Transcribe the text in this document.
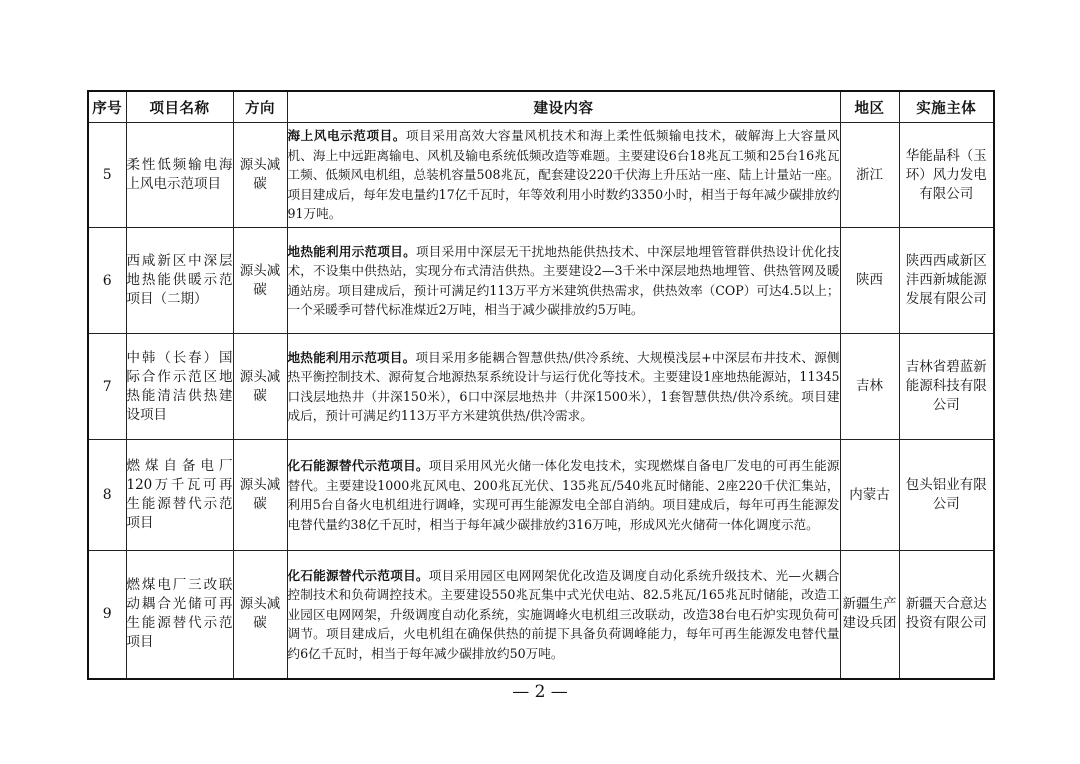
序号	项目名称	方向	建设内容	地区	实施主体
5	柔性低频输电海上风电示范项目	源头减碳	海上风电示范项目。项目采用高效大容量风机技术和海上柔性低频输电技术，破解海上大容量风机、海上中远距离输电、风机及输电系统低频改造等难题。主要建设6台18兆瓦工频和25台16兆瓦工频、低频风电机组，总装机容量508兆瓦，配套建设220千伏海上升压站一座、陆上计量站一座。项目建成后，每年发电量约17亿千瓦时，年等效利用小时数约3350小时，相当于每年减少碳排放约91万吨。	浙江	华能晶科（玉环）风力发电有限公司
6	西咸新区中深层地热能供暖示范项目（二期）	源头减碳	地热能利用示范项目。项目采用中深层无干扰地热能供热技术、中深层地埋管管群供热设计优化技术，不设集中供热站，实现分布式清洁供热。主要建设2—3千米中深层地热地埋管、供热管网及暖通站房。项目建成后，预计可满足约113万平方米建筑供热需求，供热效率（COP）可达4.5以上；一个采暖季可替代标准煤近2万吨，相当于减少碳排放约5万吨。	陕西	陕西西咸新区沣西新城能源发展有限公司
7	中韩（长春）国际合作示范区地热能清洁供热建设项目	源头减碳	地热能利用示范项目。项目采用多能耦合智慧供热/供冷系统、大规模浅层+中深层布井技术、源侧热平衡控制技术、源荷复合地源热泵系统设计与运行优化等技术。主要建设1座地热能源站，11345口浅层地热井（井深150米），6口中深层地热井（井深1500米），1套智慧供热/供冷系统。项目建成后，预计可满足约113万平方米建筑供热/供冷需求。	吉林	吉林省碧蓝新能源科技有限公司
8	燃煤自备电厂120万千瓦可再生能源替代示范项目	源头减碳	化石能源替代示范项目。项目采用风光火储一体化发电技术，实现燃煤自备电厂发电的可再生能源替代。主要建设1000兆瓦风电、200兆瓦光伏、135兆瓦/540兆瓦时储能、2座220千伏汇集站，利用5台自备火电机组进行调峰，实现可再生能源发电全部自消纳。项目建成后，每年可再生能源发电替代量约38亿千瓦时，相当于每年减少碳排放约316万吨，形成风光火储荷一体化调度示范。	内蒙古	包头铝业有限公司
9	燃煤电厂三改联动耦合光储可再生能源替代示范项目	源头减碳	化石能源替代示范项目。项目采用园区电网网架优化改造及调度自动化系统升级技术、光—火耦合控制技术和负荷调控技术。主要建设550兆瓦集中式光伏电站、82.5兆瓦/165兆瓦时储能，改造工业园区电网网架，升级调度自动化系统，实施调峰火电机组三改联动，改造38台电石炉实现负荷可调节。项目建成后，火电机组在确保供热的前提下具备负荷调峰能力，每年可再生能源发电替代量约6亿千瓦时，相当于每年减少碳排放约50万吨。	新疆生产建设兵团	新疆天合意达投资有限公司
— 2 —
